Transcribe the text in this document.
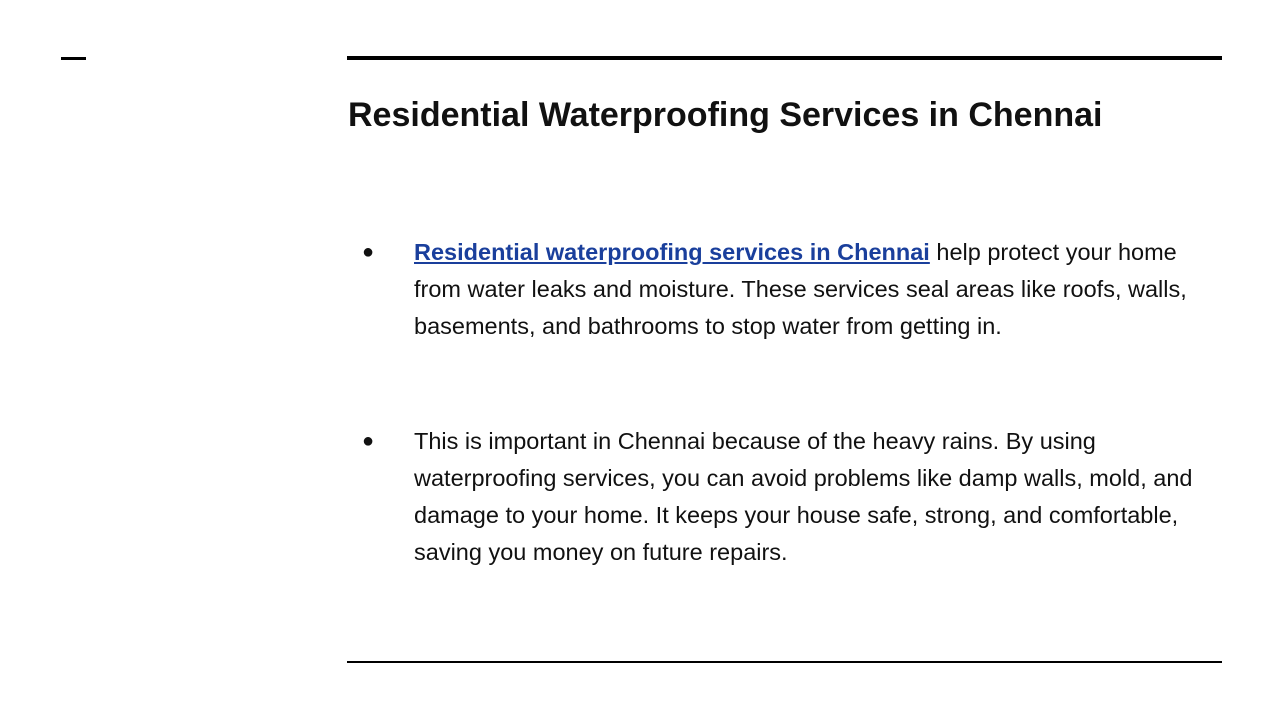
Residential Waterproofing Services in Chennai
●	Residential waterproofing services in Chennai help protect your home from water leaks and moisture. These services seal areas like roofs, walls, basements, and bathrooms to stop water from getting in.
●	This is important in Chennai because of the heavy rains. By using waterproofing services, you can avoid problems like damp walls, mold, and damage to your home. It keeps your house safe, strong, and comfortable, saving you money on future repairs.
